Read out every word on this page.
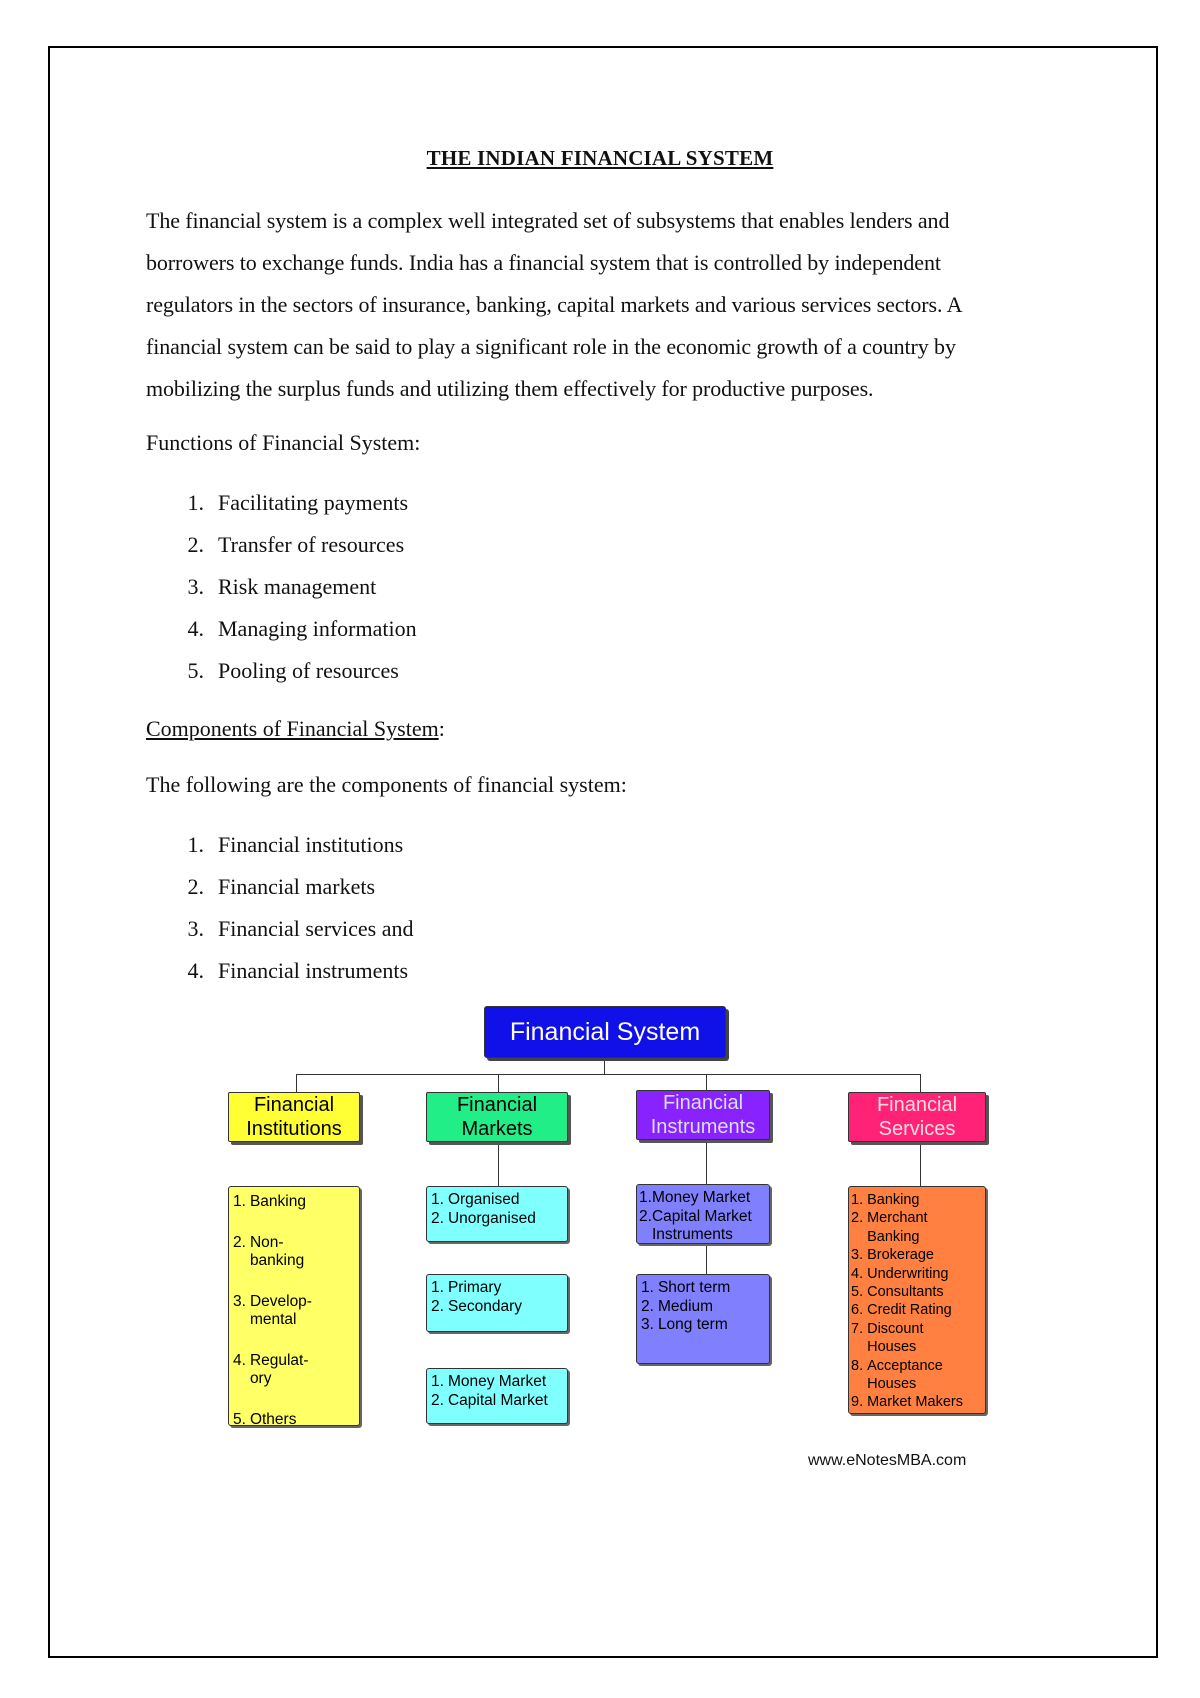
THE INDIAN FINANCIAL SYSTEM

The financial system is a complex well integrated set of subsystems that enables lenders and
borrowers to exchange funds. India has a financial system that is controlled by independent
regulators in the sectors of insurance, banking, capital markets and various services sectors. A
financial system can be said to play a significant role in the economic growth of a country by
mobilizing the surplus funds and utilizing them effectively for productive purposes.

Functions of Financial System:

1. Facilitating payments
2. Transfer of resources
3. Risk management
4. Managing information
5. Pooling of resources

Components of Financial System:

The following are the components of financial system:

1. Financial institutions
2. Financial markets
3. Financial services and
4. Financial instruments
Financial System
Financial
Institutions
Financial
Markets
Financial
Instruments
Financial
Services
1. Banking
2. Non-banking
3. Develop-mental
4. Regulat-ory
5. Others
1. Organised
2. Unorganised
1. Primary
2. Secondary
1. Money Market
2. Capital Market
1. Money Market
2. Capital Market Instruments
1. Short term
2. Medium
3. Long term
1. Banking
2. Merchant Banking
3. Brokerage
4. Underwriting
5. Consultants
6. Credit Rating
7. Discount Houses
8. Acceptance Houses
9. Market Makers
www.eNotesMBA.com
